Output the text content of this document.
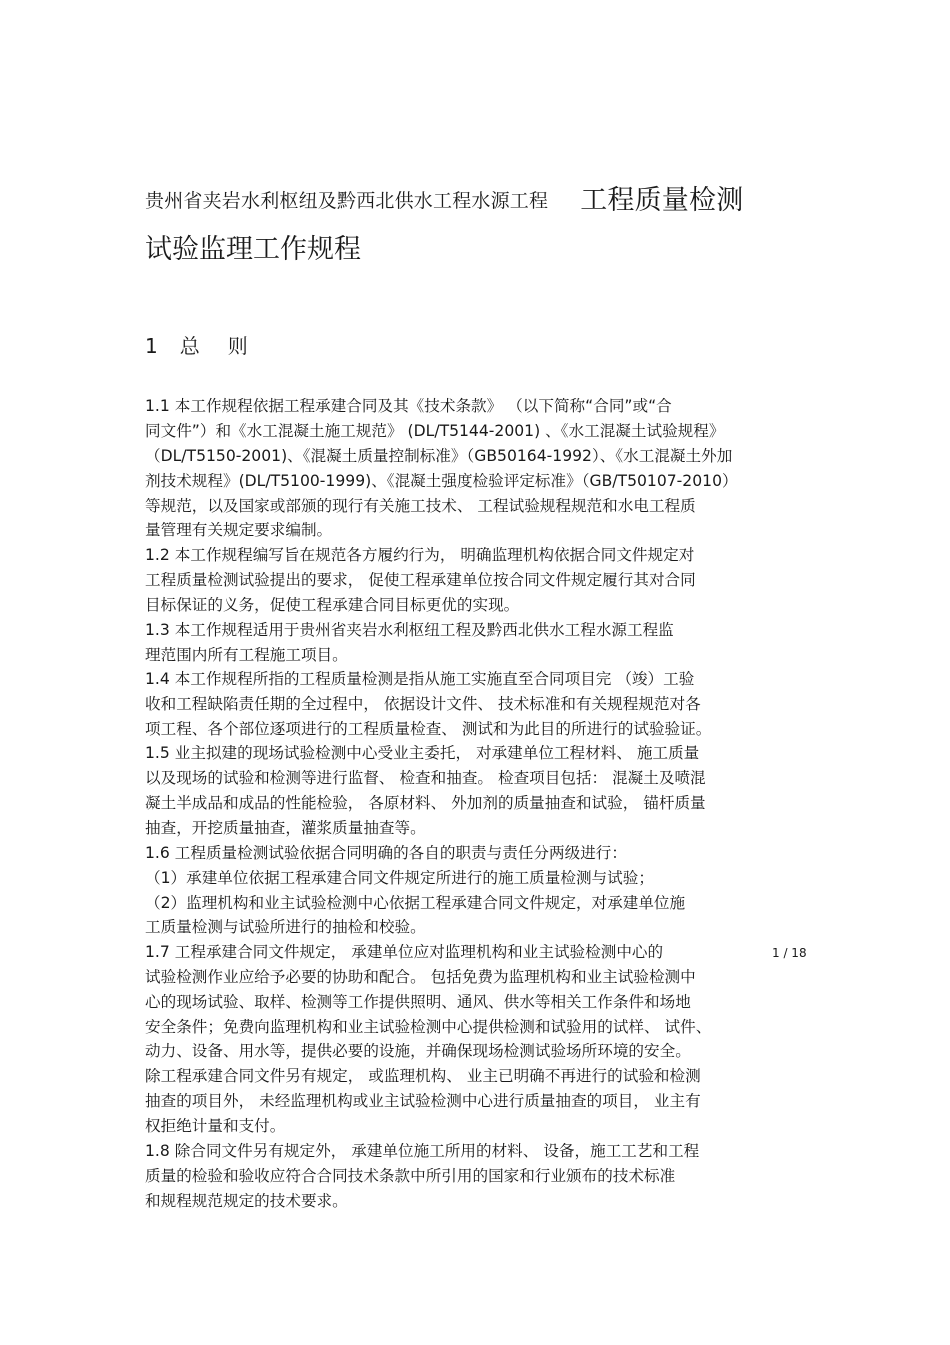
贵州省夹岩水利枢纽及黔西北供水工程水源工程 工程质量检测
试验监理工作规程
1 总 则
1.1 本工作规程依据工程承建合同及其《技术条款》 （以下简称“合同”或“合
同文件”）和《水工混凝土施工规范》 (DL/T5144-2001) 、《水工混凝土试验规程》
（DL/T5150-2001)、《混凝土质量控制标准》（GB50164-1992）、《水工混凝土外加
剂技术规程》(DL/T5100-1999)、《混凝土强度检验评定标准》（GB/T50107-2010）
等规范，以及国家或部颁的现行有关施工技术、 工程试验规程规范和水电工程质
量管理有关规定要求编制。
1.2 本工作规程编写旨在规范各方履约行为， 明确监理机构依据合同文件规定对
工程质量检测试验提出的要求， 促使工程承建单位按合同文件规定履行其对合同
目标保证的义务，促使工程承建合同目标更优的实现。
1.3 本工作规程适用于贵州省夹岩水利枢纽工程及黔西北供水工程水源工程监
理范围内所有工程施工项目。
1.4 本工作规程所指的工程质量检测是指从施工实施直至合同项目完 （竣）工验
收和工程缺陷责任期的全过程中， 依据设计文件、 技术标准和有关规程规范对各
项工程、各个部位逐项进行的工程质量检查、 测试和为此目的所进行的试验验证。
1.5 业主拟建的现场试验检测中心受业主委托， 对承建单位工程材料、 施工质量
以及现场的试验和检测等进行监督、 检查和抽查。 检查项目包括： 混凝土及喷混
凝土半成品和成品的性能检验， 各原材料、 外加剂的质量抽查和试验， 锚杆质量
抽查，开挖质量抽查，灌浆质量抽查等。
1.6 工程质量检测试验依据合同明确的各自的职责与责任分两级进行：
（1）承建单位依据工程承建合同文件规定所进行的施工质量检测与试验；
（2）监理机构和业主试验检测中心依据工程承建合同文件规定，对承建单位施
工质量检测与试验所进行的抽检和校验。
1.7 工程承建合同文件规定， 承建单位应对监理机构和业主试验检测中心的
试验检测作业应给予必要的协助和配合。 包括免费为监理机构和业主试验检测中
心的现场试验、取样、检测等工作提供照明、通风、供水等相关工作条件和场地
安全条件；免费向监理机构和业主试验检测中心提供检测和试验用的试样、 试件、
动力、设备、用水等，提供必要的设施，并确保现场检测试验场所环境的安全。
除工程承建合同文件另有规定， 或监理机构、 业主已明确不再进行的试验和检测
抽查的项目外， 未经监理机构或业主试验检测中心进行质量抽查的项目， 业主有
权拒绝计量和支付。
1.8 除合同文件另有规定外， 承建单位施工所用的材料、 设备，施工工艺和工程
质量的检验和验收应符合合同技术条款中所引用的国家和行业颁布的技术标准
和规程规范规定的技术要求。
1 / 18
